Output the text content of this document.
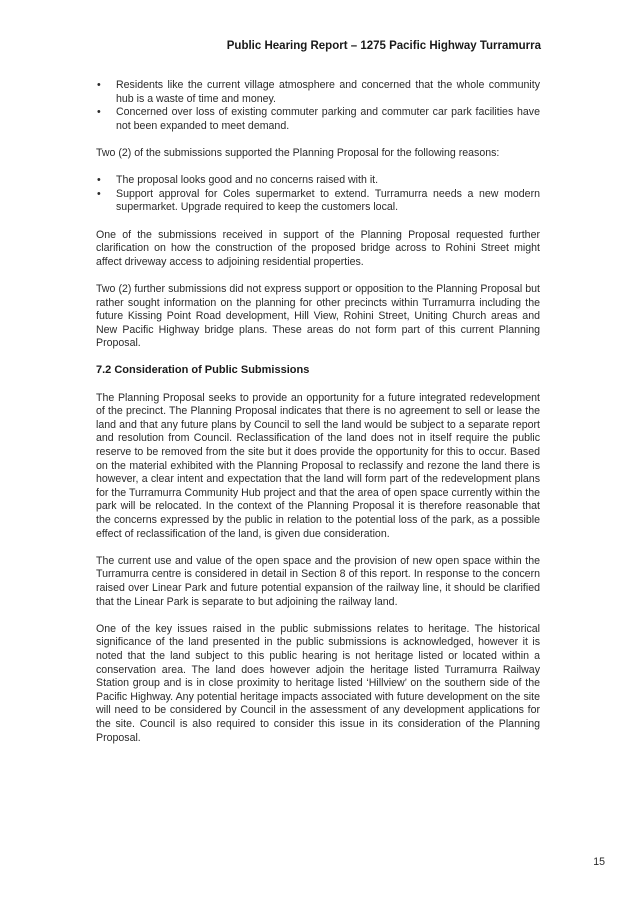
Public Hearing Report – 1275 Pacific Highway Turramurra
• Residents like the current village atmosphere and concerned that the whole community hub is a waste of time and money.
• Concerned over loss of existing commuter parking and commuter car park facilities have not been expanded to meet demand.

Two (2) of the submissions supported the Planning Proposal for the following reasons:

• The proposal looks good and no concerns raised with it.
• Support approval for Coles supermarket to extend. Turramurra needs a new modern supermarket. Upgrade required to keep the customers local.

One of the submissions received in support of the Planning Proposal requested further clarification on how the construction of the proposed bridge across to Rohini Street might affect driveway access to adjoining residential properties.

Two (2) further submissions did not express support or opposition to the Planning Proposal but rather sought information on the planning for other precincts within Turramurra including the future Kissing Point Road development, Hill View, Rohini Street, Uniting Church areas and New Pacific Highway bridge plans. These areas do not form part of this current Planning Proposal.

7.2 Consideration of Public Submissions

The Planning Proposal seeks to provide an opportunity for a future integrated redevelopment of the precinct. The Planning Proposal indicates that there is no agreement to sell or lease the land and that any future plans by Council to sell the land would be subject to a separate report and resolution from Council. Reclassification of the land does not in itself require the public reserve to be removed from the site but it does provide the opportunity for this to occur. Based on the material exhibited with the Planning Proposal to reclassify and rezone the land there is however, a clear intent and expectation that the land will form part of the redevelopment plans for the Turramurra Community Hub project and that the area of open space currently within the park will be relocated. In the context of the Planning Proposal it is therefore reasonable that the concerns expressed by the public in relation to the potential loss of the park, as a possible effect of reclassification of the land, is given due consideration.

The current use and value of the open space and the provision of new open space within the Turramurra centre is considered in detail in Section 8 of this report. In response to the concern raised over Linear Park and future potential expansion of the railway line, it should be clarified that the Linear Park is separate to but adjoining the railway land.

One of the key issues raised in the public submissions relates to heritage. The historical significance of the land presented in the public submissions is acknowledged, however it is noted that the land subject to this public hearing is not heritage listed or located within a conservation area. The land does however adjoin the heritage listed Turramurra Railway Station group and is in close proximity to heritage listed ‘Hillview’ on the southern side of the Pacific Highway. Any potential heritage impacts associated with future development on the site will need to be considered by Council in the assessment of any development applications for the site. Council is also required to consider this issue in its consideration of the Planning Proposal.

15
